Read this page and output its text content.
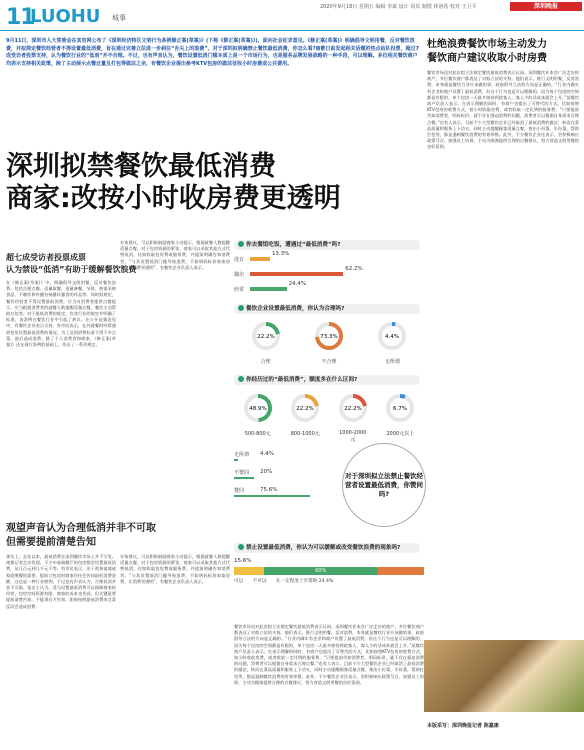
11
LUOHU 城事
2020年9月18日 星期五 编辑 李斌 设计 周泉 制图 林洛希 校对 王卫平	深圳晚报
9月11日，深圳市人大常委会在其官网公布了《深圳经济特区文明行为条例修正案(草案)》(下称《修正案(草案)》)，面向社会征求意见。《修正案(草案)》明确倡导文明用餐，反对餐饮浪费，并拟规定餐饮经营者不得设置最低消费，旨在通过完善立法进一步刹住“舌尖上的浪费”。对于深圳拟明确禁止餐饮最低消费，你怎么看?南都日前发起相关话题的热点站队投票，超过7成受访者投票支持，认为餐饮行业的“低消”并不合理。不过，也有声音认为，餐饮设置低消门槛本质上是一个市场行为，也是服务品牌发展战略的一种手段，可以理解。多位相关餐饮商户均表示支持相关政策，除了主动展示点餐过量及打包等做法之余，有餐饮企业提出参考KTV包房的做法征收小时房费或公共费用。
深圳拟禁餐饮最低消费
商家:改按小时收房费更透明
超七成受访者投票成票
认为禁设“低消”有助于缓解餐饮浪费
在《修正案(草案)》中，明确倡导文明用餐，反对餐饮浪费。包括合理点餐、适量取餐，适量备餐、节俭、按需采购食品、不制作和传播宣扬暴饮暴食的作品等。同时拟规定，餐饮经营者不得设置最低消费，应当对消费者提供点餐提示、应当根据消费者的就餐人数提醒适量点餐，餐饮主动帮助打包等。对于最低消费的规定，饮食行业的规定并明确了标准，该条例在餐饮行业中引起了热议。在公开征集意见中，有餐饮企业表示支持。有市民表示，在外就餐时经常遇到包房设置最低消费的情况，为了达到消费标准不得不多点菜，最后造成浪费。除了个人消费者和商家，《修正案(草案)》还在现行条例的基础上，作出了一系列规定。
专家建议，可以积极鼓励商家主动提示，根据就餐人数提醒适量点餐，对于包房资源的紧张，商家可以采取其他方式代替低消，比如收取包房费或服务费，并提前明确告知消费者。“与其设置低消门槛导致浪费，不如明码标价收取房费，让消费更透明”，有餐饮企业负责人表示。
观望声音认为合理低消并非不可取
但需要提前清楚告知
事实上，去年以来，最低消费在深圳餐饮市场上并不罕见。南都记者走访发现，不少中高端餐厅的包房都会设置最低消费，从几百元到几千元不等。有市民表示，出于商务宴请或家庭聚餐的需要，提前订包房时商家往往会告知最低消费金额，这也是一种行业惯例。不过也有声音认为，合理低消并非不可取。张女士认为，适当设置最低消费可以保障商家的经营，包房空间资源有限，商家的成本也更高，但关键是要提前清楚告知，不能事后才告知。如果按照最低消费来点菜反而会造成浪费。
专家建议，可以积极鼓励商家主动提示，根据就餐人数提醒适量点餐，对于包房资源的紧张，商家可以采取其他方式代替低消，比如收取包房费或服务费，并提前明确告知消费者。“与其设置低消门槛导致浪费，不如明码标价收取房费，让消费更透明”，有餐饮企业负责人表示。
餐饮市场也对此次拟立法规定餐饮最低消费表示认同。深圳餐饮业本会广泛走访的商户，多位餐饮商户都表达了对拟立法的支持。他们表示，推行文明用餐，反对浪费，本身就是餐饮行业应该做的事，政府倡导立法的方向是正确的。“行业内确实有企业和商户设置了最低消费，但这个行为也是可以理解的，因为每个包房的空间都是有限的，单个包房一天最多接待两轮客人，客人少的话成本就会上升。”某餐饮商户负责人表示。在表示理解的同时，有商户也提出了可替代的方式，比如按照KTV包房的收费方式，按小时收取房费，或者收取一定比例的服务费，“只要提前告知消费者，明码标价，就不存在强迫消费的问题，消费者可以根据自身需求合理点餐。”也有人表示，目前不少大型餐饮企业已经取消了最低消费的做法，转而在菜品质量和服务上下功夫，同时主动提醒顾客适量点餐，推出小份菜、半份菜，帮助打包等，都是遏制餐饮浪费的有效举措。此外，不少餐饮企业还表示，会积极响应政策号召，加强员工培训，主动为顾客提供合理的点餐建议，努力营造文明用餐的良好氛围。
你去餐馆吃饭，遭遇过“最低消费”吗?
没有
13.3%
偶尔
62.2%
经常
24.4%
餐饮企业设置最低消费，你认为合理吗?
22.2%
合理
73.3%
不合理
4.4%
无所谓
你经历过的“最低消费”，额度多在什么区间?
48.9%
500-800元
22.2%
800-1000元
22.2%
1000-2000元
6.7%
2000元以上
无所谓 4.4%
不赞同 20%
赞同	75.6%
对于深圳拟立法禁止餐饮经营者设置最低消费，你赞同吗?
禁止设置最低消费，你认为可以缓解或改变餐饮浪费的现象吗?
15.6%
60%
可以 不可以 在一定程度上有帮助 24.4%
杜绝浪费餐饮市场主动发力
餐饮商户建议收取小时房费
餐饮市场也对此次拟立法规定餐饮最低消费表示认同。深圳餐饮业本会广泛走访的商户，多位餐饮商户都表达了对拟立法的支持。他们表示，推行文明用餐，反对浪费，本身就是餐饮行业应该做的事，政府倡导立法的方向是正确的。“行业内确实有企业和商户设置了最低消费，但这个行为也是可以理解的，因为每个包房的空间都是有限的，单个包房一天最多接待两轮客人，客人少的话成本就会上升。”某餐饮商户负责人表示。在表示理解的同时，有商户也提出了可替代的方式，比如按照KTV包房的收费方式，按小时收取房费，或者收取一定比例的服务费，“只要提前告知消费者，明码标价，就不存在强迫消费的问题，消费者可以根据自身需求合理点餐。”也有人表示，目前不少大型餐饮企业已经取消了最低消费的做法，转而在菜品质量和服务上下功夫，同时主动提醒顾客适量点餐，推出小份菜、半份菜，帮助打包等，都是遏制餐饮浪费的有效举措。此外，不少餐饮企业还表示，会积极响应政策号召，加强员工培训，主动为顾客提供合理的点餐建议，努力营造文明用餐的良好氛围。
本版采写：深圳晚报记者 陈嘉康
